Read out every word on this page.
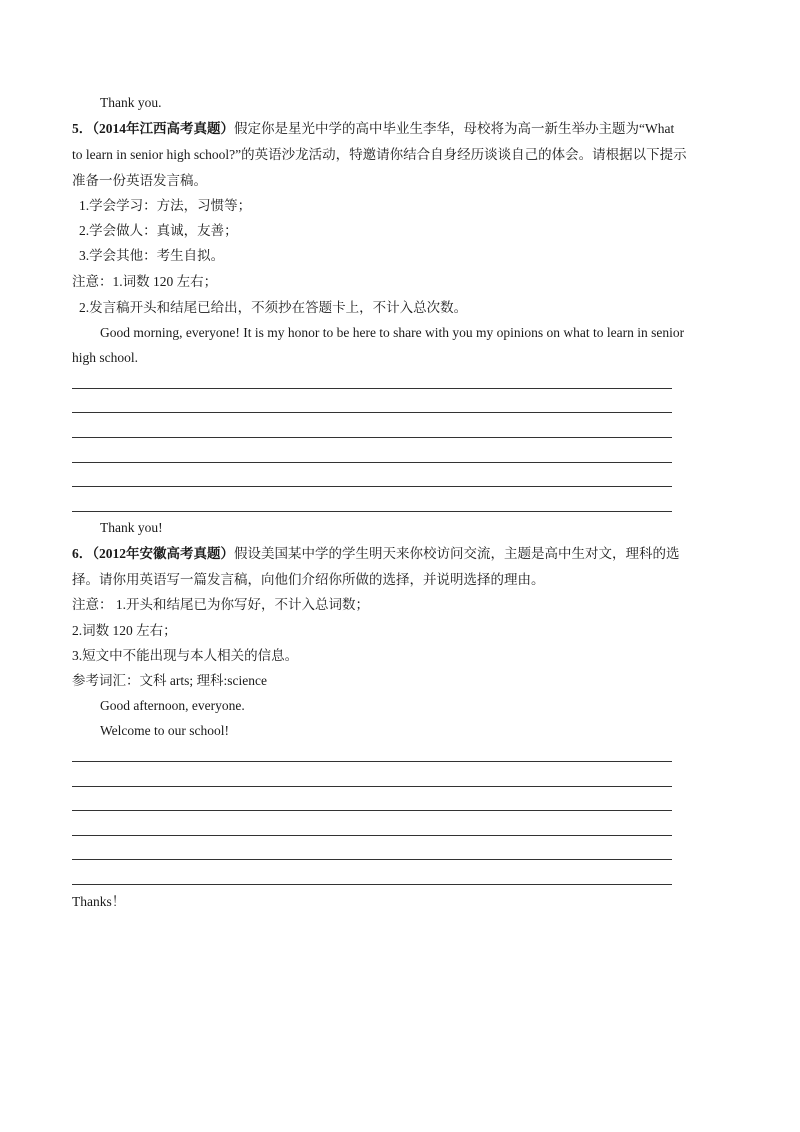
Thank you.

5．（2014年江西高考真题）假定你是星光中学的高中毕业生李华，母校将为高一新生举办主题为“What

to learn in senior high school?”的英语沙龙活动，特邀请你结合自身经历谈谈自己的体会。请根据以下提示

准备一份英语发言稿。

1.学会学习：方法，习惯等；

2.学会做人：真诚，友善；

3.学会其他：考生自拟。

注意：1.词数 120 左右；

2.发言稿开头和结尾已给出，不须抄在答题卡上，不计入总次数。

Good morning, everyone! It is my honor to be here to share with you my opinions on what to learn in senior

high school.

Thank you!

6．（2012年安徽高考真题）假设美国某中学的学生明天来你校访问交流，主题是高中生对文，理科的选

择。请你用英语写一篇发言稿，向他们介绍你所做的选择，并说明选择的理由。

注意： 1.开头和结尾已为你写好，不计入总词数；

2.词数 120 左右；

3.短文中不能出现与本人相关的信息。

参考词汇：文科 arts; 理科:science

Good afternoon, everyone.

Welcome to our school!

Thanks！
